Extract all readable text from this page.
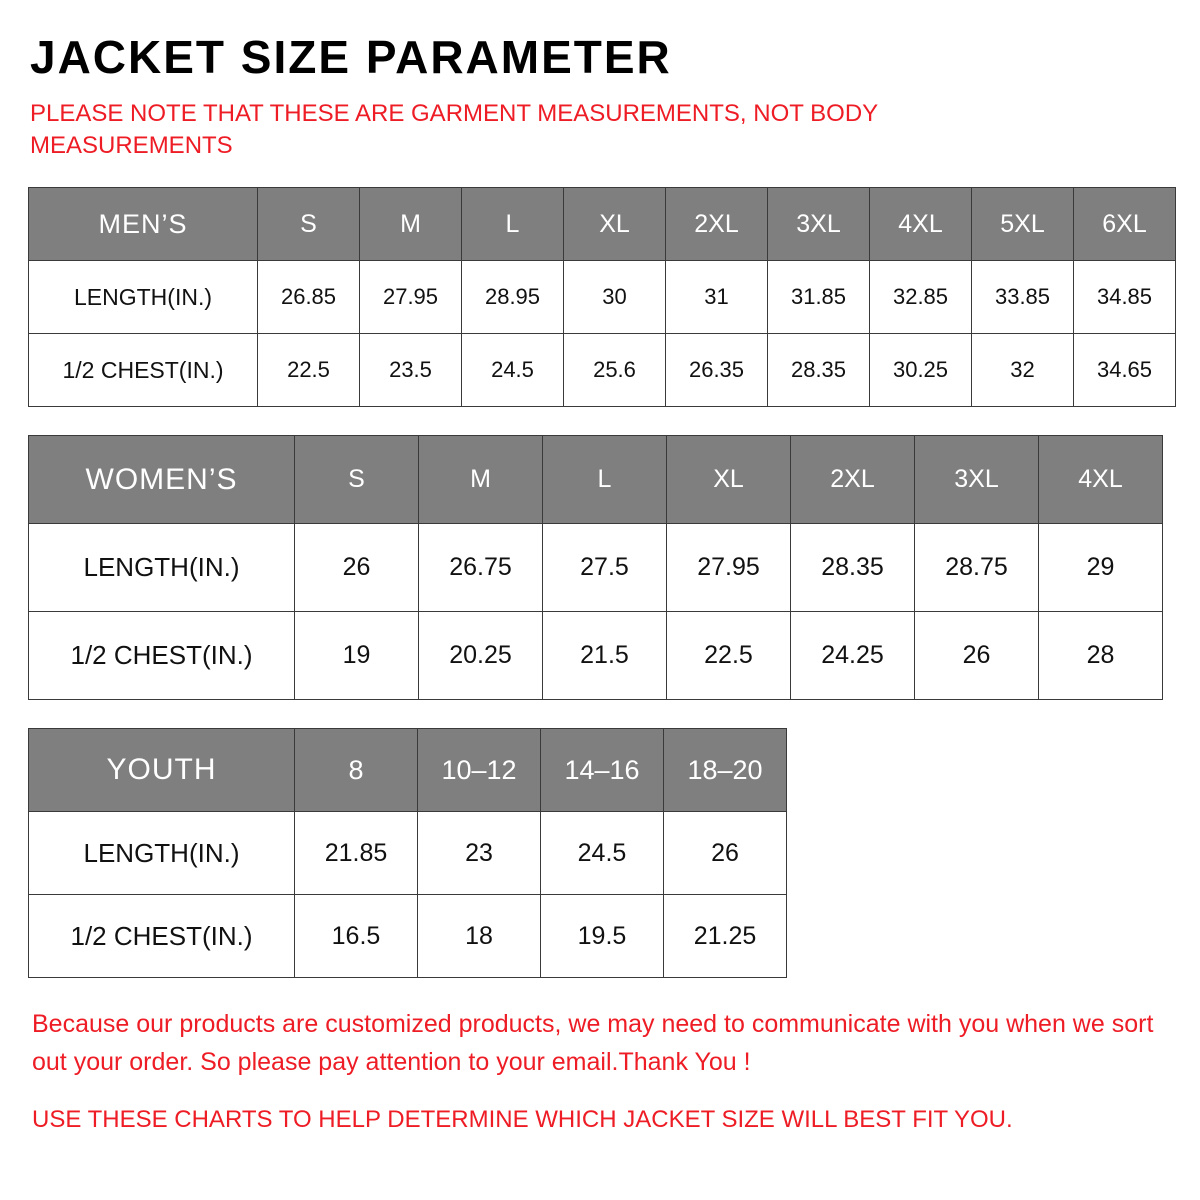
JACKET SIZE PARAMETER
PLEASE NOTE THAT THESE ARE GARMENT MEASUREMENTS, NOT BODY MEASUREMENTS
MEN’S	S	M	L	XL	2XL	3XL	4XL	5XL	6XL
LENGTH(IN.)	26.85	27.95	28.95	30	31	31.85	32.85	33.85	34.85
1/2 CHEST(IN.)	22.5	23.5	24.5	25.6	26.35	28.35	30.25	32	34.65
WOMEN’S	S	M	L	XL	2XL	3XL	4XL
LENGTH(IN.)	26	26.75	27.5	27.95	28.35	28.75	29
1/2 CHEST(IN.)	19	20.25	21.5	22.5	24.25	26	28
YOUTH	8	10–12	14–16	18–20
LENGTH(IN.)	21.85	23	24.5	26
1/2 CHEST(IN.)	16.5	18	19.5	21.25
Because our products are customized products, we may need to communicate with you when we sort out your order. So please pay attention to your email.Thank You !
USE THESE CHARTS TO HELP DETERMINE WHICH JACKET SIZE WILL BEST FIT YOU.
